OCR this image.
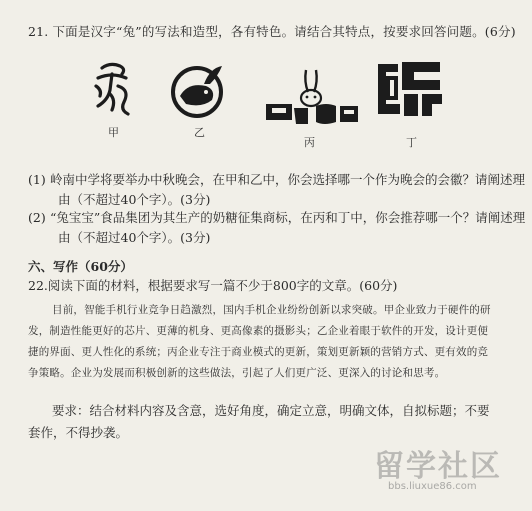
21. 下面是汉字“兔”的写法和造型，各有特色。请结合其特点，按要求回答问题。(6分)
甲	乙
丙	丁
(1) 岭南中学将要举办中秋晚会，在甲和乙中，你会选择哪一个作为晚会的会徽？请阐述理
由（不超过40个字）。(3分)
(2) “兔宝宝”食品集团为其生产的奶糖征集商标，在丙和丁中，你会推荐哪一个？请阐述理
由（不超过40个字）。(3分)
六、写作（60分）
22.阅读下面的材料，根据要求写一篇不少于800字的文章。(60分)
目前，智能手机行业竞争日趋激烈，国内手机企业纷纷创新以求突破。甲企业致力于硬件的研发，制造性能更好的芯片、更薄的机身、更高像素的摄影头；乙企业着眼于软件的开发，设计更便捷的界面、更人性化的系统；丙企业专注于商业模式的更新，策划更新颖的营销方式、更有效的竞争策略。企业为发展而积极创新的这些做法，引起了人们更广泛、更深入的讨论和思考。
要求：结合材料内容及含意，选好角度，确定立意，明确文体，自拟标题；不要套作，不得抄袭。
留学社区
bbs.liuxue86.com
